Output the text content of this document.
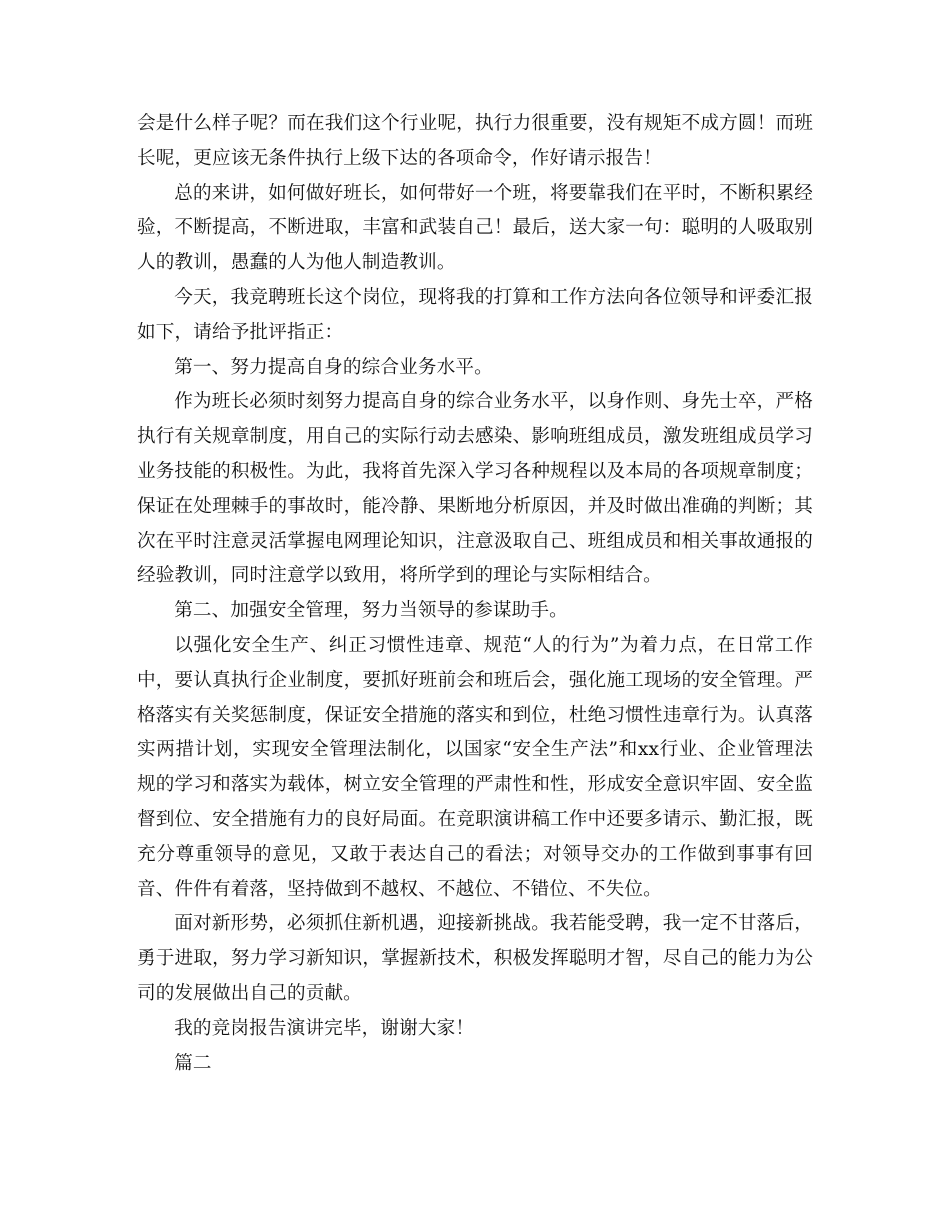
会是什么样子呢？而在我们这个行业呢，执行力很重要，没有规矩不成方圆！而班长呢，更应该无条件执行上级下达的各项命令，作好请示报告！

总的来讲，如何做好班长，如何带好一个班，将要靠我们在平时，不断积累经验，不断提高，不断进取，丰富和武装自己！最后，送大家一句：聪明的人吸取别人的教训，愚蠢的人为他人制造教训。

今天，我竞聘班长这个岗位，现将我的打算和工作方法向各位领导和评委汇报如下，请给予批评指正：

第一、努力提高自身的综合业务水平。

作为班长必须时刻努力提高自身的综合业务水平，以身作则、身先士卒，严格执行有关规章制度，用自己的实际行动去感染、影响班组成员，激发班组成员学习业务技能的积极性。为此，我将首先深入学习各种规程以及本局的各项规章制度；保证在处理棘手的事故时，能冷静、果断地分析原因，并及时做出准确的判断；其次在平时注意灵活掌握电网理论知识，注意汲取自己、班组成员和相关事故通报的经验教训，同时注意学以致用，将所学到的理论与实际相结合。

第二、加强安全管理，努力当领导的参谋助手。

以强化安全生产、纠正习惯性违章、规范“人的行为”为着力点，在日常工作中，要认真执行企业制度，要抓好班前会和班后会，强化施工现场的安全管理。严格落实有关奖惩制度，保证安全措施的落实和到位，杜绝习惯性违章行为。认真落实两措计划，实现安全管理法制化，以国家“安全生产法”和xx行业、企业管理法规的学习和落实为载体，树立安全管理的严肃性和性，形成安全意识牢固、安全监督到位、安全措施有力的良好局面。在竞职演讲稿工作中还要多请示、勤汇报，既充分尊重领导的意见，又敢于表达自己的看法；对领导交办的工作做到事事有回音、件件有着落，坚持做到不越权、不越位、不错位、不失位。

面对新形势，必须抓住新机遇，迎接新挑战。我若能受聘，我一定不甘落后，勇于进取，努力学习新知识，掌握新技术，积极发挥聪明才智，尽自己的能力为公司的发展做出自己的贡献。

我的竞岗报告演讲完毕，谢谢大家！

篇二
